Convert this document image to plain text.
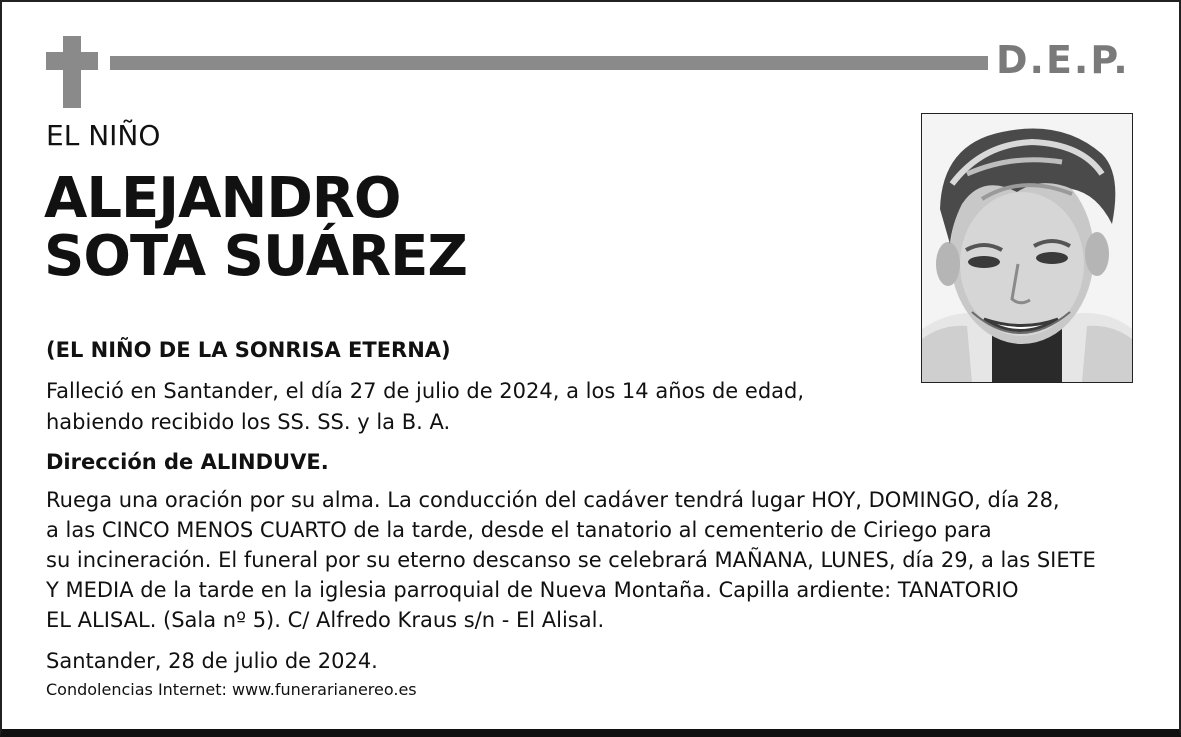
D.E.P.
EL NIÑO
ALEJANDRO
SOTA SUÁREZ
(EL NIÑO DE LA SONRISA ETERNA)
Falleció en Santander, el día 27 de julio de 2024, a los 14 años de edad,
habiendo recibido los SS. SS. y la B. A.
Dirección de ALINDUVE.
Ruega una oración por su alma. La conducción del cadáver tendrá lugar HOY, DOMINGO, día 28,
a las CINCO MENOS CUARTO de la tarde, desde el tanatorio al cementerio de Ciriego para
su incineración. El funeral por su eterno descanso se celebrará MAÑANA, LUNES, día 29, a las SIETE
Y MEDIA de la tarde en la iglesia parroquial de Nueva Montaña. Capilla ardiente: TANATORIO
EL ALISAL. (Sala nº 5). C/ Alfredo Kraus s/n - El Alisal.
Santander, 28 de julio de 2024.
Condolencias Internet: www.funerarianereo.es
